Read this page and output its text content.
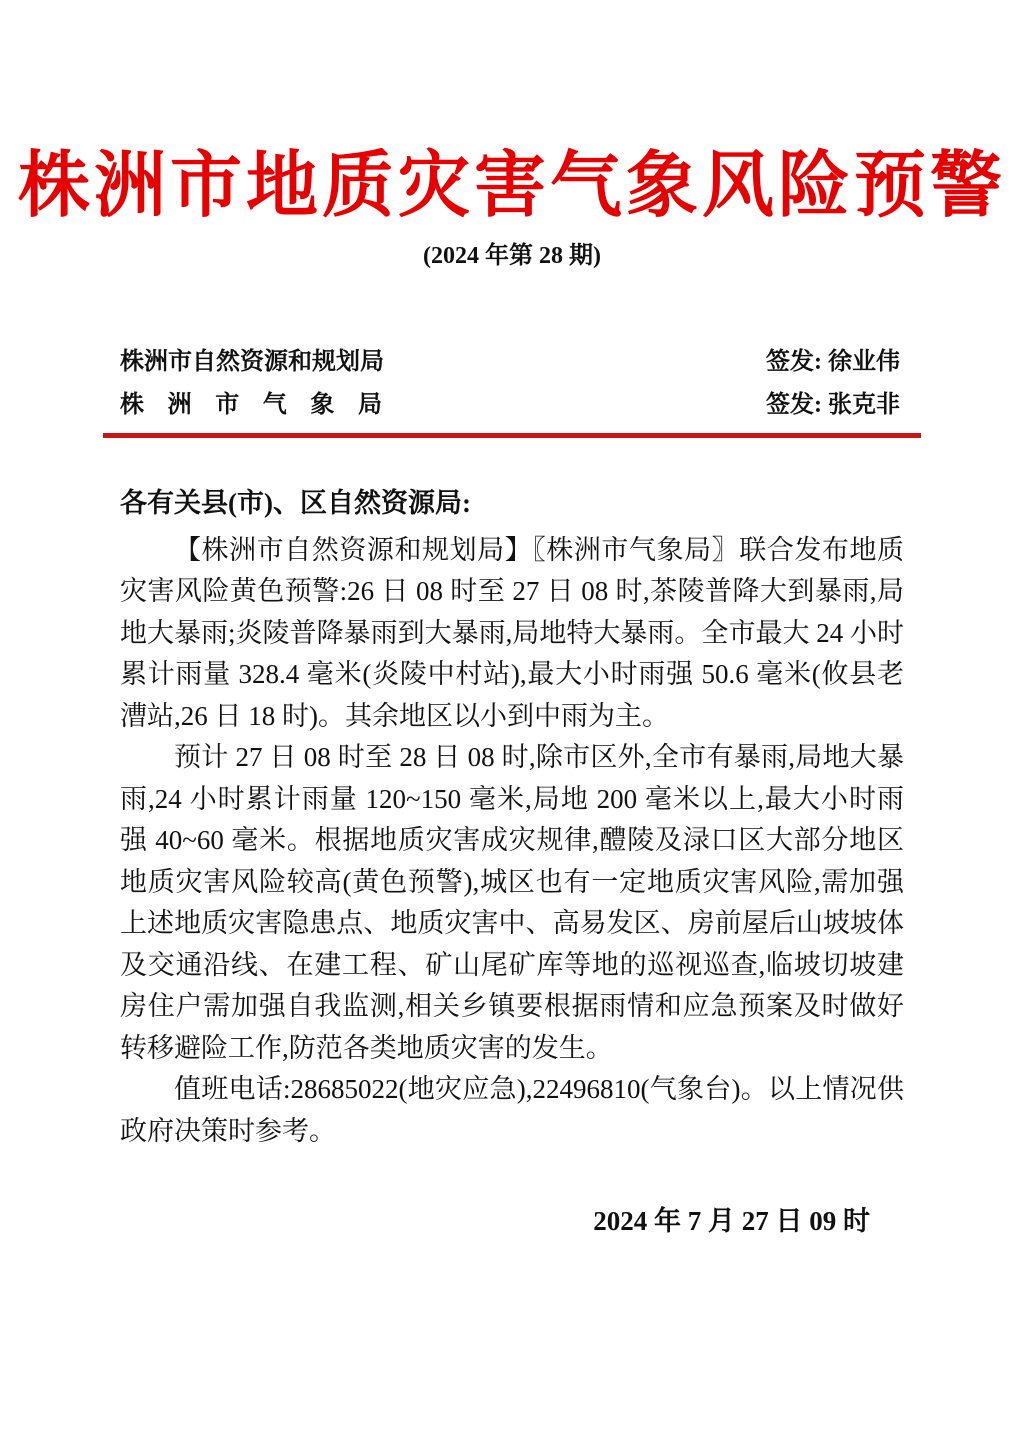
株洲市地质灾害气象风险预警
(2024 年第 28 期)
株洲市自然资源和规划局	签发: 徐业伟
株洲市气象局	签发: 张克非
各有关县(市)、区自然资源局:

【株洲市自然资源和规划局】〖株洲市气象局〗联合发布地质灾害风险黄色预警:26 日 08 时至 27 日 08 时,茶陵普降大到暴雨,局地大暴雨;炎陵普降暴雨到大暴雨,局地特大暴雨。全市最大 24 小时累计雨量 328.4 毫米(炎陵中村站),最大小时雨强 50.6 毫米(攸县老漕站,26 日 18 时)。其余地区以小到中雨为主。

预计 27 日 08 时至 28 日 08 时,除市区外,全市有暴雨,局地大暴雨,24 小时累计雨量 120~150 毫米,局地 200 毫米以上,最大小时雨强 40~60 毫米。根据地质灾害成灾规律,醴陵及渌口区大部分地区地质灾害风险较高(黄色预警),城区也有一定地质灾害风险,需加强上述地质灾害隐患点、地质灾害中、高易发区、房前屋后山坡坡体及交通沿线、在建工程、矿山尾矿库等地的巡视巡查,临坡切坡建房住户需加强自我监测,相关乡镇要根据雨情和应急预案及时做好转移避险工作,防范各类地质灾害的发生。

值班电话:28685022(地灾应急),22496810(气象台)。以上情况供政府决策时参考。

2024 年 7 月 27 日 09 时
